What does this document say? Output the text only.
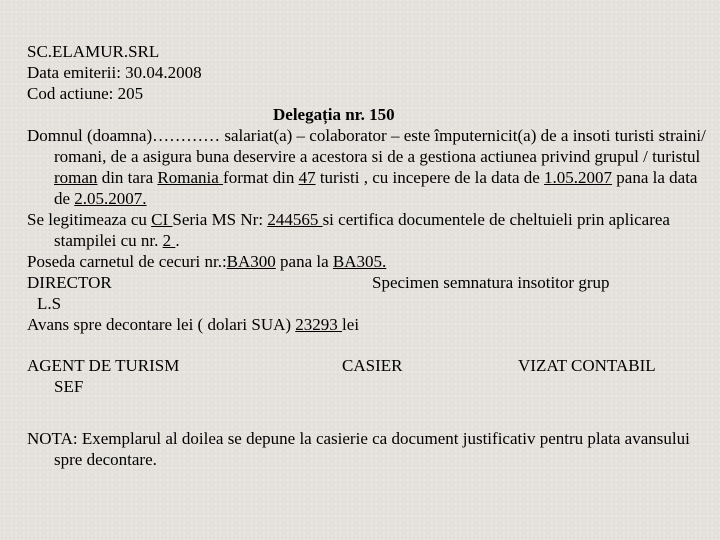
SC.ELAMUR.SRL
Data emiterii: 30.04.2008
Cod actiune: 205
Delegația nr. 150
Domnul (doamna)………… salariat(a) – colaborator – este împuternicit(a) de a insoti turisti straini/ romani, de a asigura buna deservire a acestora si de a gestiona actiunea privind grupul / turistul roman din tara Romania format din 47 turisti , cu incepere de la data de 1.05.2007 pana la data de 2.05.2007.
Se legitimeaza cu CI Seria MS Nr: 244565 si certifica documentele de cheltuieli prin aplicarea stampilei cu nr. 2 .
Poseda carnetul de cecuri nr.:BA300 pana la BA305.
DIRECTOR	Specimen semnatura insotitor grup
L.S
Avans spre decontare lei ( dolari SUA) 23293 lei
AGENT DE TURISM
SEF
CASIER	VIZAT CONTABIL
NOTA: Exemplarul al doilea se depune la casierie ca document justificativ pentru plata avansului spre decontare.
